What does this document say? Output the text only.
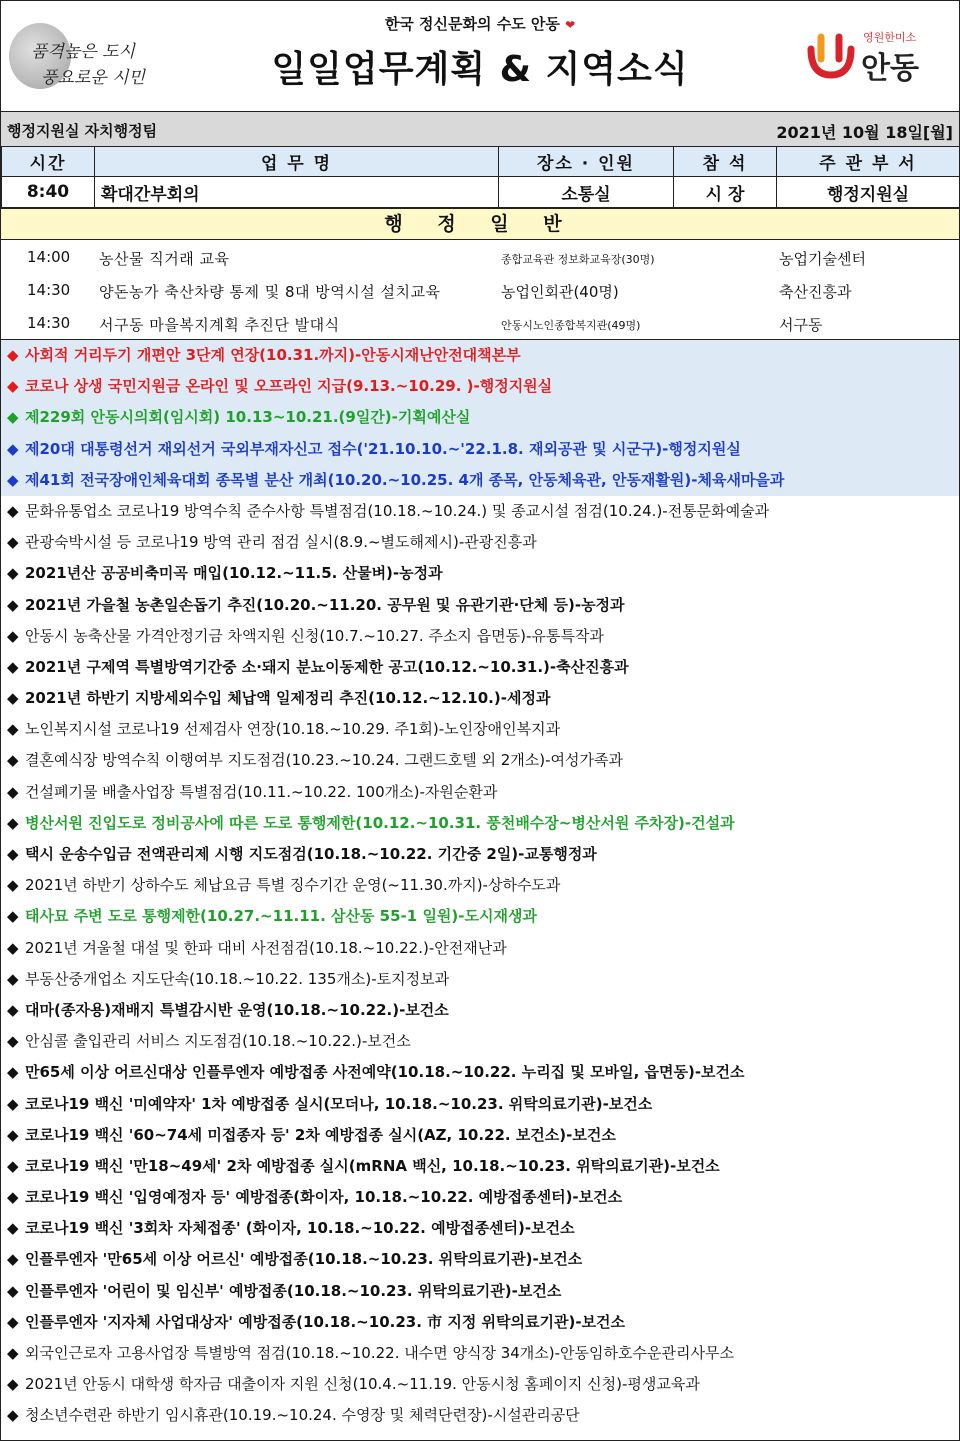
품격높은 도시
풍요로운 시민
한국 정신문화의 수도 안동 ❤
일일업무계획 & 지역소식
영원한미소
안동
행정지원실 자치행정팀	2021년 10월 18일[월]
시간	업 무 명	장소 · 인원	참 석	주 관 부 서
8:40	확대간부회의	소통실	시 장	행정지원실
행 정 일 반
14:00 농산물 직거래 교육	종합교육관 정보화교육장(30명)	농업기술센터
14:30 양돈농가 축산차량 통제 및 8대 방역시설 설치교육	농업인회관(40명)	축산진흥과
14:30 서구동 마을복지계획 추진단 발대식	안동시노인종합복지관(49명)	서구동
◆ 사회적 거리두기 개편안 3단계 연장(10.31.까지)-안동시재난안전대책본부
◆ 코로나 상생 국민지원금 온라인 및 오프라인 지급(9.13.~10.29. )-행정지원실
◆ 제229회 안동시의회(임시회) 10.13~10.21.(9일간)-기획예산실
◆ 제20대 대통령선거 재외선거 국외부재자신고 접수('21.10.10.~'22.1.8. 재외공관 및 시군구)-행정지원실
◆ 제41회 전국장애인체육대회 종목별 분산 개최(10.20.~10.25. 4개 종목, 안동체육관, 안동재활원)-체육새마을과
◆ 문화유통업소 코로나19 방역수칙 준수사항 특별점검(10.18.~10.24.) 및 종교시설 점검(10.24.)-전통문화예술과
◆ 관광숙박시설 등 코로나19 방역 관리 점검 실시(8.9.~별도해제시)-관광진흥과
◆ 2021년산 공공비축미곡 매입(10.12.~11.5. 산물벼)-농정과
◆ 2021년 가을철 농촌일손돕기 추진(10.20.~11.20. 공무원 및 유관기관·단체 등)-농정과
◆ 안동시 농축산물 가격안정기금 차액지원 신청(10.7.~10.27. 주소지 읍면동)-유통특작과
◆ 2021년 구제역 특별방역기간중 소·돼지 분뇨이동제한 공고(10.12.~10.31.)-축산진흥과
◆ 2021년 하반기 지방세외수입 체납액 일제정리 추진(10.12.~12.10.)-세정과
◆ 노인복지시설 코로나19 선제검사 연장(10.18.~10.29. 주1회)-노인장애인복지과
◆ 결혼예식장 방역수칙 이행여부 지도점검(10.23.~10.24. 그랜드호텔 외 2개소)-여성가족과
◆ 건설폐기물 배출사업장 특별점검(10.11.~10.22. 100개소)-자원순환과
◆ 병산서원 진입도로 정비공사에 따른 도로 통행제한(10.12.~10.31. 풍천배수장~병산서원 주차장)-건설과
◆ 택시 운송수입금 전액관리제 시행 지도점검(10.18.~10.22. 기간중 2일)-교통행정과
◆ 2021년 하반기 상하수도 체납요금 특별 징수기간 운영(~11.30.까지)-상하수도과
◆ 태사묘 주변 도로 통행제한(10.27.~11.11. 삼산동 55-1 일원)-도시재생과
◆ 2021년 겨울철 대설 및 한파 대비 사전점검(10.18.~10.22.)-안전재난과
◆ 부동산중개업소 지도단속(10.18.~10.22. 135개소)-토지정보과
◆ 대마(종자용)재배지 특별감시반 운영(10.18.~10.22.)-보건소
◆ 안심콜 출입관리 서비스 지도점검(10.18.~10.22.)-보건소
◆ 만65세 이상 어르신대상 인플루엔자 예방접종 사전예약(10.18.~10.22. 누리집 및 모바일, 읍면동)-보건소
◆ 코로나19 백신 '미예약자' 1차 예방접종 실시(모더나, 10.18.~10.23. 위탁의료기관)-보건소
◆ 코로나19 백신 '60~74세 미접종자 등' 2차 예방접종 실시(AZ, 10.22. 보건소)-보건소
◆ 코로나19 백신 '만18~49세' 2차 예방접종 실시(mRNA 백신, 10.18.~10.23. 위탁의료기관)-보건소
◆ 코로나19 백신 '입영예정자 등' 예방접종(화이자, 10.18.~10.22. 예방접종센터)-보건소
◆ 코로나19 백신 '3회차 자체접종' (화이자, 10.18.~10.22. 예방접종센터)-보건소
◆ 인플루엔자 '만65세 이상 어르신' 예방접종(10.18.~10.23. 위탁의료기관)-보건소
◆ 인플루엔자 '어린이 및 임신부' 예방접종(10.18.~10.23. 위탁의료기관)-보건소
◆ 인플루엔자 '지자체 사업대상자' 예방접종(10.18.~10.23. 市 지정 위탁의료기관)-보건소
◆ 외국인근로자 고용사업장 특별방역 점검(10.18.~10.22. 내수면 양식장 34개소)-안동임하호수운관리사무소
◆ 2021년 안동시 대학생 학자금 대출이자 지원 신청(10.4.~11.19. 안동시청 홈페이지 신청)-평생교육과
◆ 청소년수련관 하반기 임시휴관(10.19.~10.24. 수영장 및 체력단련장)-시설관리공단
